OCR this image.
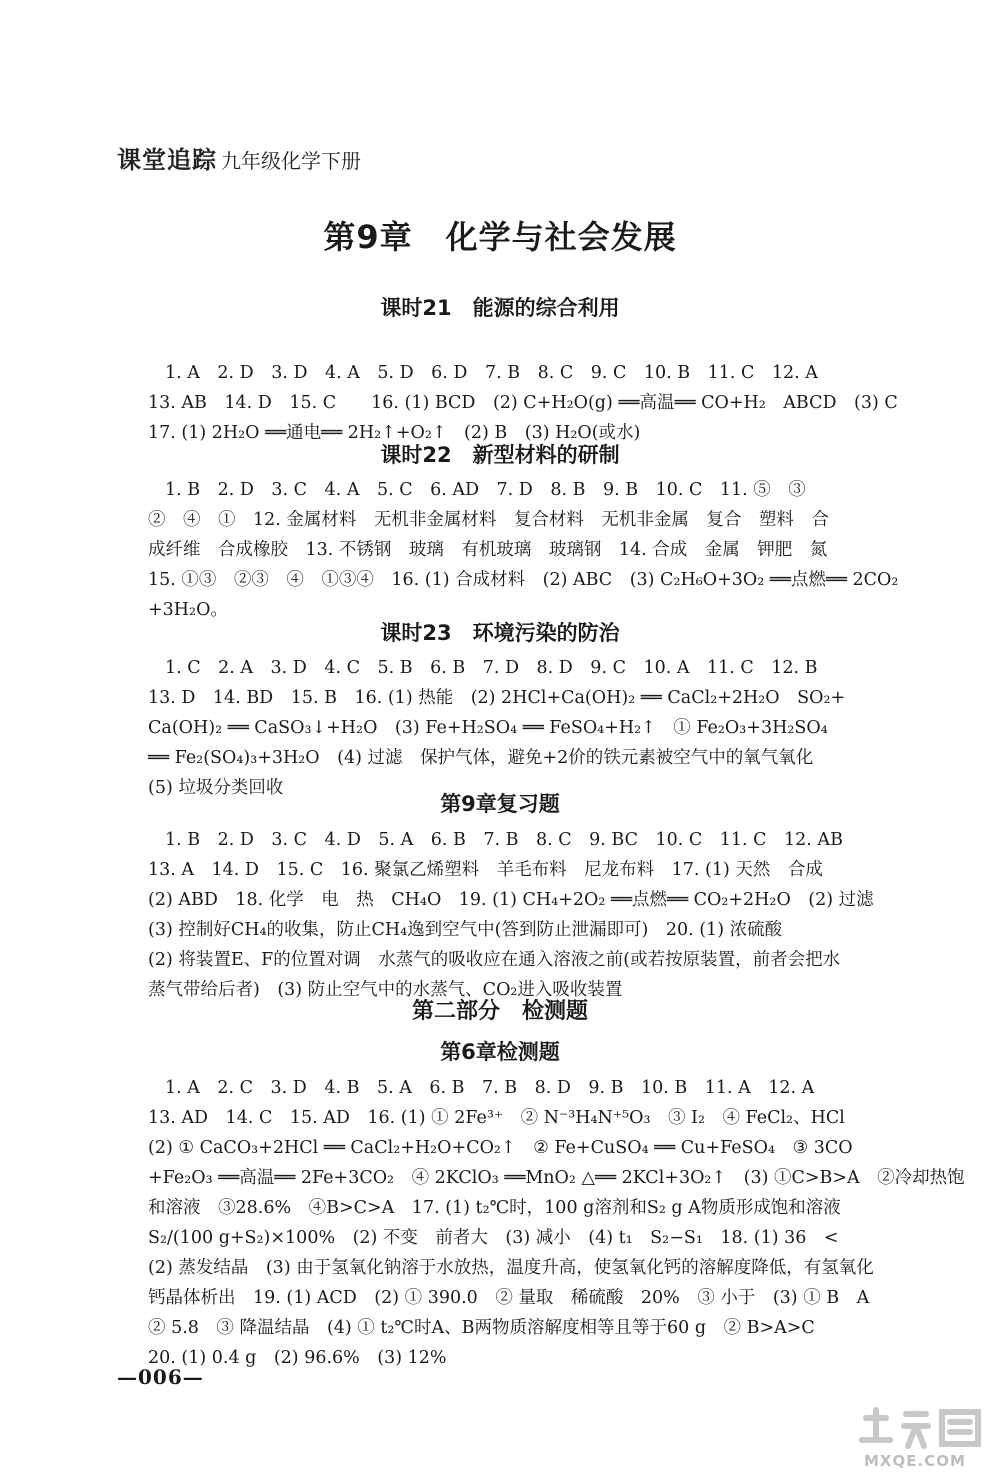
课堂追踪 九年级化学下册
第9章　化学与社会发展
课时21　能源的综合利用
1. A　2. D　3. D　4. A　5. D　6. D　7. B　8. C　9. C　10. B　11. C　12. A
13. AB　14. D　15. C　　16. (1) BCD　(2) C+H₂O(g) ══高温══ CO+H₂　ABCD　(3) C
17. (1) 2H₂O ══通电══ 2H₂↑+O₂↑　(2) B　(3) H₂O(或水)
课时22　新型材料的研制
1. B　2. D　3. C　4. A　5. C　6. AD　7. D　8. B　9. B　10. C　11. ⑤　③
②　④　①　12. 金属材料　无机非金属材料　复合材料　无机非金属　复合　塑料　合
成纤维　合成橡胶　13. 不锈钢　玻璃　有机玻璃　玻璃钢　14. 合成　金属　钾肥　氮
15. ①③　②③　④　①③④　16. (1) 合成材料　(2) ABC　(3) C₂H₆O+3O₂ ══点燃══ 2CO₂
+3H₂O。
课时23　环境污染的防治
1. C　2. A　3. D　4. C　5. B　6. B　7. D　8. D　9. C　10. A　11. C　12. B
13. D　14. BD　15. B　16. (1) 热能　(2) 2HCl+Ca(OH)₂ ══ CaCl₂+2H₂O　SO₂+
Ca(OH)₂ ══ CaSO₃↓+H₂O　(3) Fe+H₂SO₄ ══ FeSO₄+H₂↑　① Fe₂O₃+3H₂SO₄
══ Fe₂(SO₄)₃+3H₂O　(4) 过滤　保护气体，避免+2价的铁元素被空气中的氧气氧化
(5) 垃圾分类回收
第9章复习题
1. B　2. D　3. C　4. D　5. A　6. B　7. B　8. C　9. BC　10. C　11. C　12. AB
13. A　14. D　15. C　16. 聚氯乙烯塑料　羊毛布料　尼龙布料　17. (1) 天然　合成
(2) ABD　18. 化学　电　热　CH₄O　19. (1) CH₄+2O₂ ══点燃══ CO₂+2H₂O　(2) 过滤
(3) 控制好CH₄的收集，防止CH₄逸到空气中(答到防止泄漏即可)　20. (1) 浓硫酸
(2) 将装置E、F的位置对调　水蒸气的吸收应在通入溶液之前(或若按原装置，前者会把水
蒸气带给后者)　(3) 防止空气中的水蒸气、CO₂进入吸收装置
第二部分　检测题
第6章检测题
1. A　2. C　3. D　4. B　5. A　6. B　7. B　8. D　9. B　10. B　11. A　12. A
13. AD　14. C　15. AD　16. (1) ① 2Fe³⁺　② N⁻³H₄N⁺⁵O₃　③ I₂　④ FeCl₂、HCl
(2) ① CaCO₃+2HCl ══ CaCl₂+H₂O+CO₂↑　② Fe+CuSO₄ ══ Cu+FeSO₄　③ 3CO
+Fe₂O₃ ══高温══ 2Fe+3CO₂　④ 2KClO₃ ══MnO₂ △══ 2KCl+3O₂↑　(3) ①C>B>A　②冷却热饱
和溶液　③28.6%　④B>C>A　17. (1) t₂℃时，100 g溶剂和S₂ g A物质形成饱和溶液
S₂/(100 g+S₂)×100%　(2) 不变　前者大　(3) 减小　(4) t₁　S₂−S₁　18. (1) 36　<
(2) 蒸发结晶　(3) 由于氢氧化钠溶于水放热，温度升高，使氢氧化钙的溶解度降低，有氢氧化
钙晶体析出　19. (1) ACD　(2) ① 390.0　② 量取　稀硫酸　20%　③ 小于　(3) ① B　A
② 5.8　③ 降温结晶　(4) ① t₂℃时A、B两物质溶解度相等且等于60 g　② B>A>C
20. (1) 0.4 g　(2) 96.6%　(3) 12%
—006—
MXQE.COM
